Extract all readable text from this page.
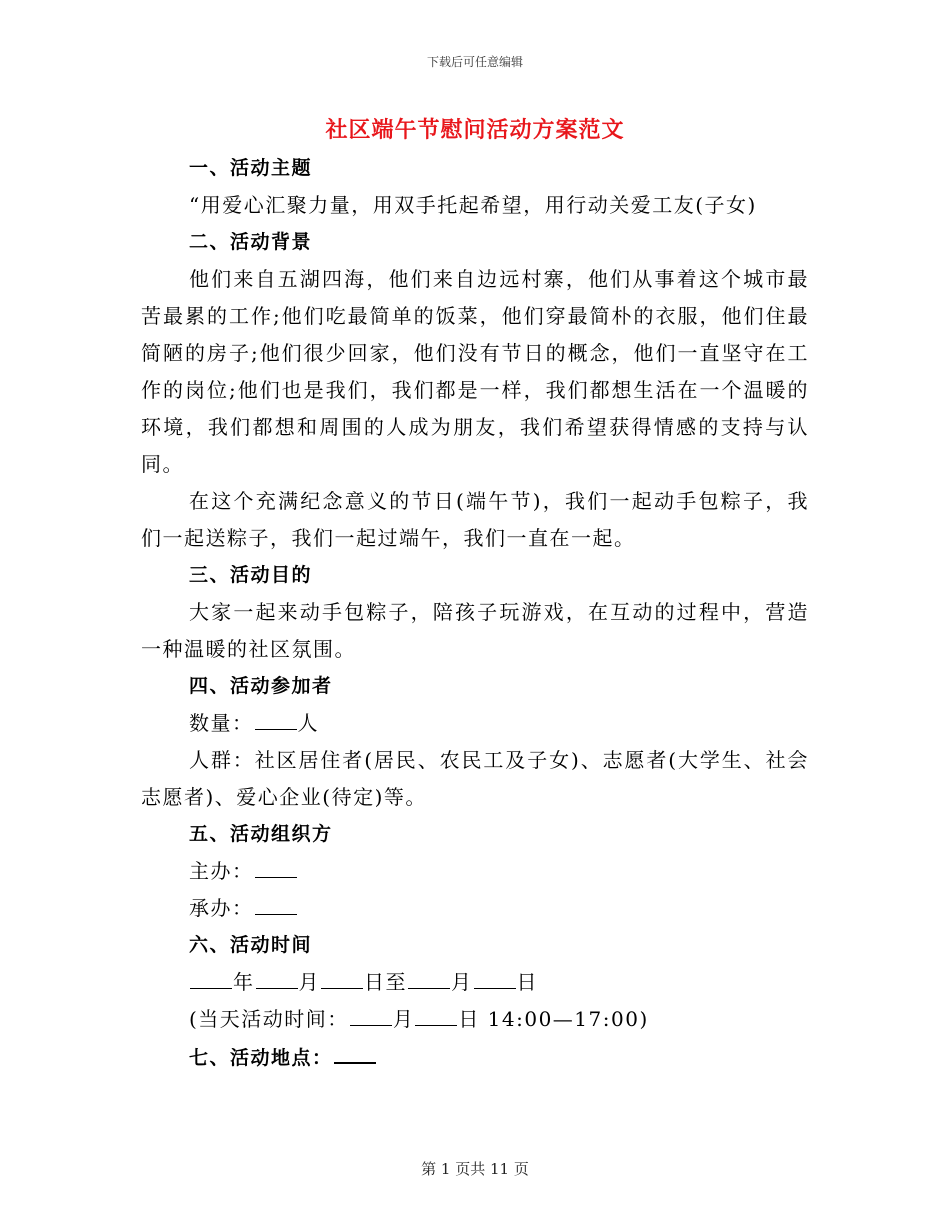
下载后可任意编辑
社区端午节慰问活动方案范文
一、活动主题
“用爱心汇聚力量，用双手托起希望，用行动关爱工友(子女)
二、活动背景
他们来自五湖四海，他们来自边远村寨，他们从事着这个城市最
苦最累的工作;他们吃最简单的饭菜，他们穿最简朴的衣服，他们住最
简陋的房子;他们很少回家，他们没有节日的概念，他们一直坚守在工
作的岗位;他们也是我们，我们都是一样，我们都想生活在一个温暖的
环境，我们都想和周围的人成为朋友，我们希望获得情感的支持与认
同。
在这个充满纪念意义的节日(端午节)，我们一起动手包粽子，我
们一起送粽子，我们一起过端午，我们一直在一起。
三、活动目的
大家一起来动手包粽子，陪孩子玩游戏，在互动的过程中，营造
一种温暖的社区氛围。
四、活动参加者
数量： 人
人群：社区居住者(居民、农民工及子女)、志愿者(大学生、社会
志愿者)、爱心企业(待定)等。
五、活动组织方
主办：
承办：
六、活动时间
年 月 日至 月 日
(当天活动时间： 月 日 14:00—17:00)
七、活动地点：
第 1 页共 11 页
